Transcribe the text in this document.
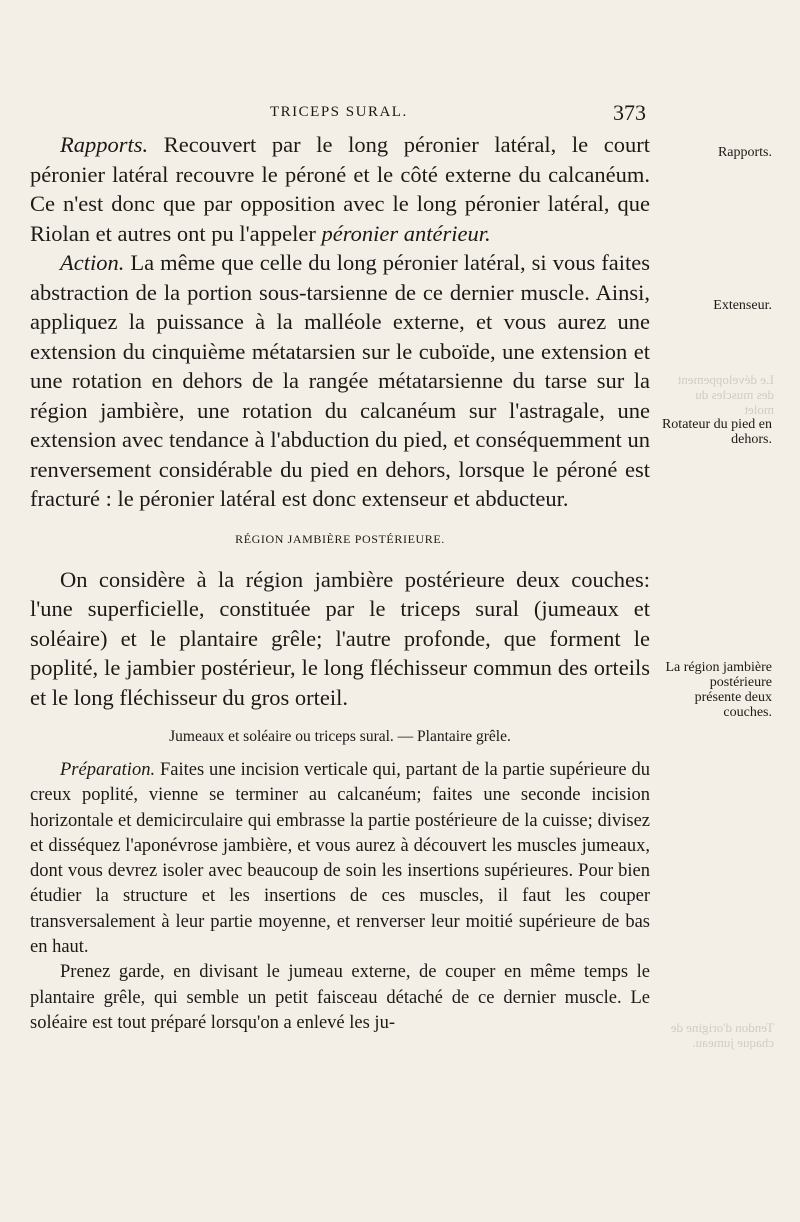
TRICEPS SURAL.	373

Rapports. Recouvert par le long péronier latéral, le court péronier latéral recouvre le péroné et le côté externe du calcanéum. Ce n'est donc que par opposition avec le long péronier latéral, que Riolan et autres ont pu l'appeler péronier antérieur.

Action. La même que celle du long péronier latéral, si vous faites abstraction de la portion sous-tarsienne de ce dernier muscle. Ainsi, appliquez la puissance à la malléole externe, et vous aurez une extension du cinquième métatarsien sur le cuboïde, une extension et une rotation en dehors de la rangée métatarsienne du tarse sur la région jambière, une rotation du calcanéum sur l'astragale, une extension avec tendance à l'abduction du pied, et conséquemment un renversement considérable du pied en dehors, lorsque le péroné est fracturé : le péronier latéral est donc extenseur et abducteur.

RÉGION JAMBIÈRE POSTÉRIEURE.

On considère à la région jambière postérieure deux couches: l'une superficielle, constituée par le triceps sural (jumeaux et soléaire) et le plantaire grêle; l'autre profonde, que forment le poplité, le jambier postérieur, le long fléchisseur commun des orteils et le long fléchisseur du gros orteil.

Jumeaux et soléaire ou triceps sural. — Plantaire grêle.

Préparation. Faites une incision verticale qui, partant de la partie supérieure du creux poplité, vienne se terminer au calcanéum; faites une seconde incision horizontale et demicirculaire qui embrasse la partie postérieure de la cuisse; divisez et disséquez l'aponévrose jambière, et vous aurez à découvert les muscles jumeaux, dont vous devrez isoler avec beaucoup de soin les insertions supérieures. Pour bien étudier la structure et les insertions de ces muscles, il faut les couper transversalement à leur partie moyenne, et renverser leur moitié supérieure de bas en haut.

Prenez garde, en divisant le jumeau externe, de couper en même temps le plantaire grêle, qui semble un petit faisceau détaché de ce dernier muscle. Le soléaire est tout préparé lorsqu'on a enlevé les ju-

Rapports.
Extenseur.
Rotateur du pied en dehors.
La région jambière postérieure présente deux couches.
Le développement des muscles du molet
Tendon d'origine de chaque jumeau.
